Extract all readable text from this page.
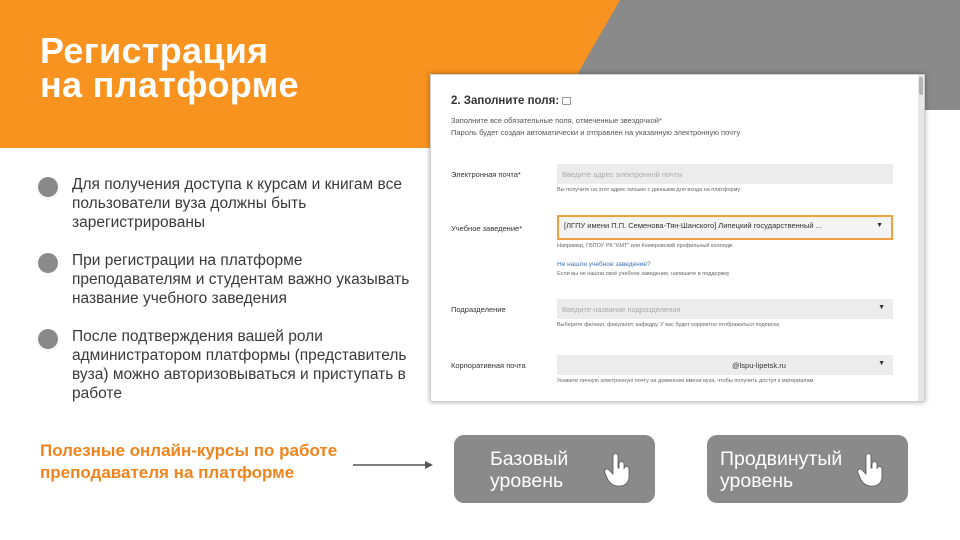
Регистрация
на платформе
Для получения доступа к курсам и книгам все пользователи вуза должны быть зарегистрированы
При регистрации на платформе преподавателям и студентам важно указывать название учебного заведения
После подтверждения вашей роли администратором платформы (представитель вуза) можно авторизовываться и приступать в работе
2. Заполните поля:
Заполните все обязательные поля, отмеченные звездочкой*
Пароль будет создан автоматически и отправлен на указанную электронную почту
Электронная почта*	Введите адрес электронной почты
Вы получите на этот адрес письмо с данными для входа на платформу
Учебное заведение*	[ЛГПУ имени П.П. Семенова-Тян-Шанского] Липецкий государственный ...	▼
Например, ГБПОУ РК "КМТ" или Кемеровский профильный колледж
Не нашли учебное заведение?
Если вы не нашли своё учебное заведение, напишите в поддержку
Подразделение	Введите название подразделения	▼
Выберите филиал, факультет, кафедру. У вас будет корректно отображаться подписка
Корпоративная почта	@lspu-lipetsk.ru	▼
Укажите личную электронную почту на доменном имени вуза, чтобы получить доступ к материалам
Полезные онлайн-курсы по работе преподавателя на платформе
Базовый
уровень
Продвинутый
уровень
